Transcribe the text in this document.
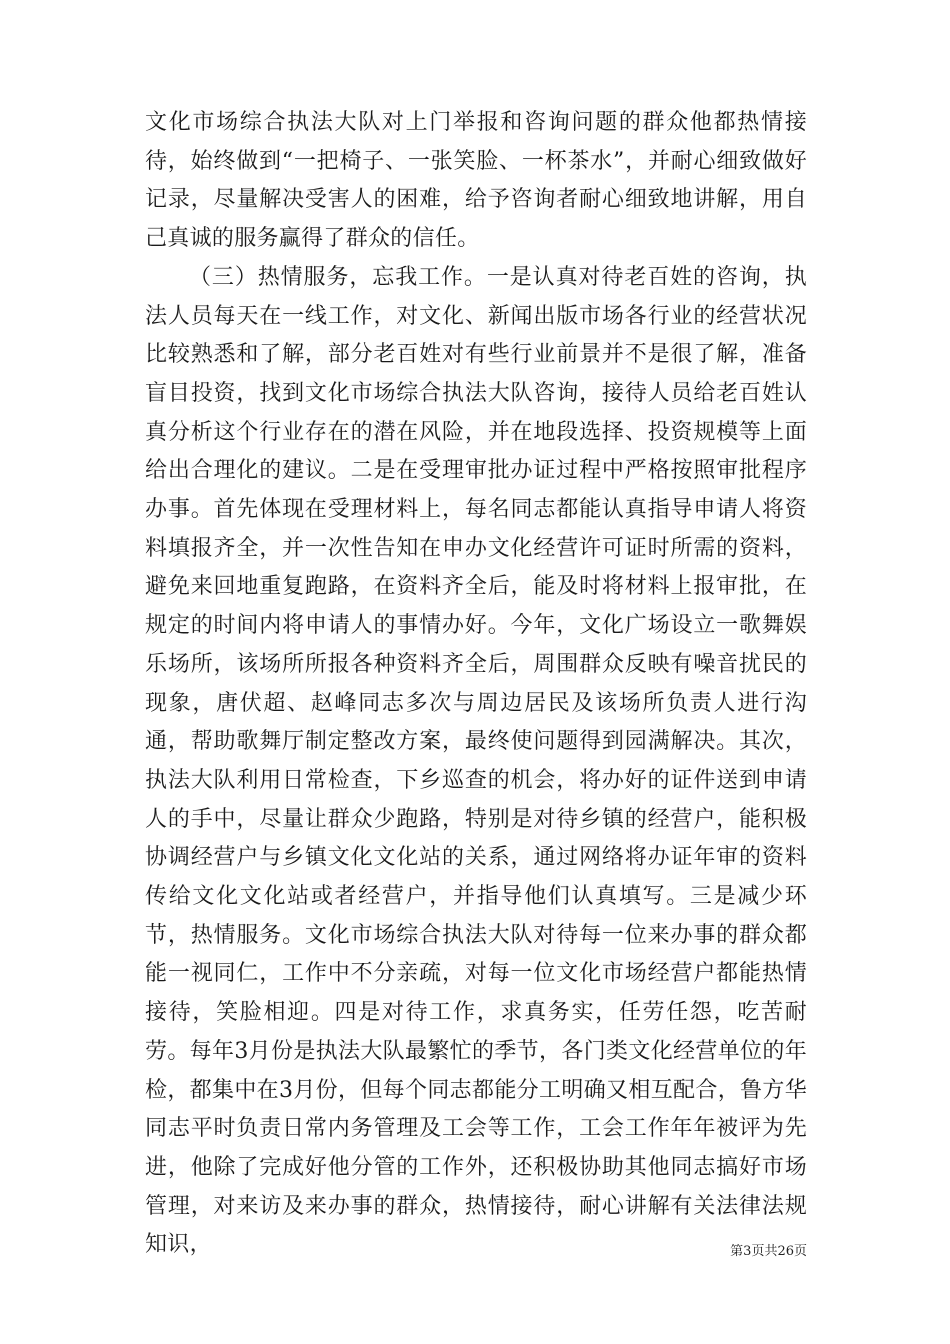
文化市场综合执法大队对上门举报和咨询问题的群众他都热情接待，始终做到“一把椅子、一张笑脸、一杯茶水”，并耐心细致做好记录，尽量解决受害人的困难，给予咨询者耐心细致地讲解，用自己真诚的服务赢得了群众的信任。

（三）热情服务，忘我工作。一是认真对待老百姓的咨询，执法人员每天在一线工作，对文化、新闻出版市场各行业的经营状况比较熟悉和了解，部分老百姓对有些行业前景并不是很了解，准备盲目投资，找到文化市场综合执法大队咨询，接待人员给老百姓认真分析这个行业存在的潜在风险，并在地段选择、投资规模等上面给出合理化的建议。二是在受理审批办证过程中严格按照审批程序办事。首先体现在受理材料上，每名同志都能认真指导申请人将资料填报齐全，并一次性告知在申办文化经营许可证时所需的资料，避免来回地重复跑路，在资料齐全后，能及时将材料上报审批，在规定的时间内将申请人的事情办好。今年，文化广场设立一歌舞娱乐场所，该场所所报各种资料齐全后，周围群众反映有噪音扰民的现象，唐伏超、赵峰同志多次与周边居民及该场所负责人进行沟通，帮助歌舞厅制定整改方案，最终使问题得到园满解决。其次，执法大队利用日常检查，下乡巡查的机会，将办好的证件送到申请人的手中，尽量让群众少跑路，特别是对待乡镇的经营户，能积极协调经营户与乡镇文化文化站的关系，通过网络将办证年审的资料传给文化文化站或者经营户，并指导他们认真填写。三是减少环节，热情服务。文化市场综合执法大队对待每一位来办事的群众都能一视同仁，工作中不分亲疏，对每一位文化市场经营户都能热情接待，笑脸相迎。四是对待工作，求真务实，任劳任怨，吃苦耐劳。每年3月份是执法大队最繁忙的季节，各门类文化经营单位的年检，都集中在3月份，但每个同志都能分工明确又相互配合，鲁方华同志平时负责日常内务管理及工会等工作，工会工作年年被评为先进，他除了完成好他分管的工作外，还积极协助其他同志搞好市场管理，对来访及来办事的群众，热情接待，耐心讲解有关法律法规知识，	第3页共26页
